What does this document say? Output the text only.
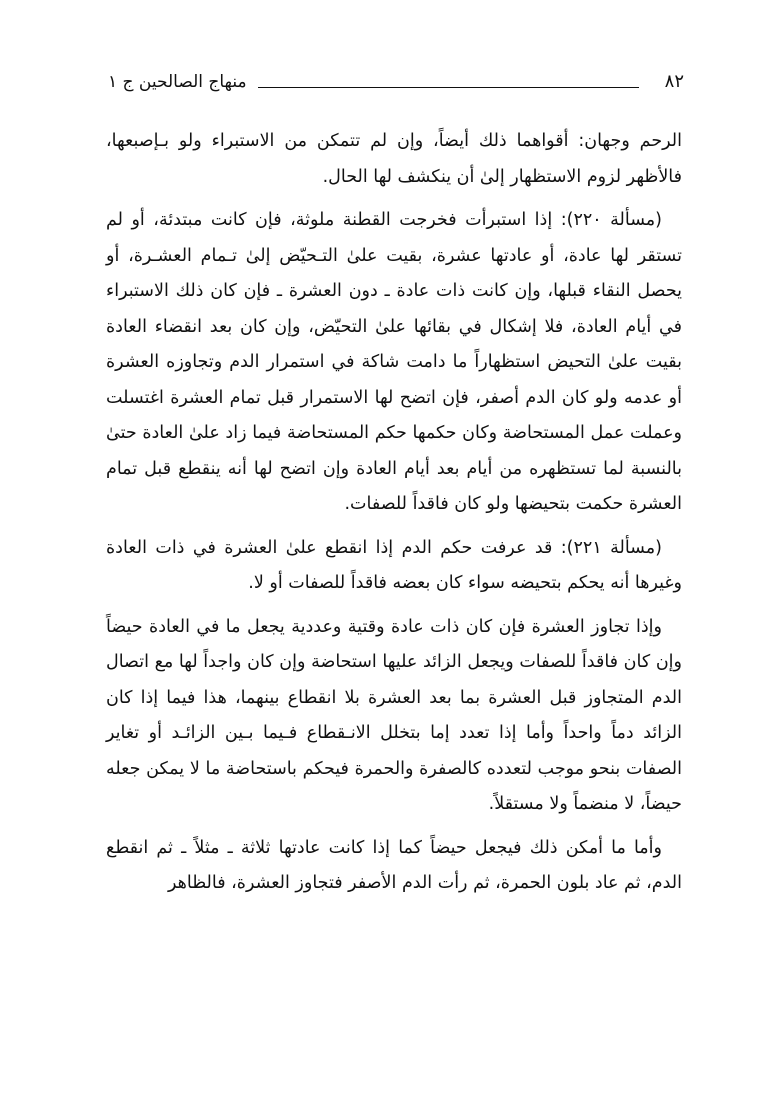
٨٢
منهاج الصالحين ج ١

الرحم وجهان: أقواهما ذلك أيضاً، وإن لم تتمكن من الاستبراء ولو بـإصبعها، فالأظهر لزوم الاستظهار إلىٰ أن ينكشف لها الحال.

(مسألة ٢٢٠): إذا استبرأت فخرجت القطنة ملوثة، فإن كانت مبتدئة، أو لم تستقر لها عادة، أو عادتها عشرة، بقيت علىٰ التـحيّض إلىٰ تـمام العشـرة، أو يحصل النقاء قبلها، وإن كانت ذات عادة ـ دون العشرة ـ فإن كان ذلك الاستبراء في أيام العادة، فلا إشكال في بقائها علىٰ التحيّض، وإن كان بعد انقضاء العادة بقيت علىٰ التحيض استظهاراً ما دامت شاكة في استمرار الدم وتجاوزه العشرة أو عدمه ولو كان الدم أصفر، فإن اتضح لها الاستمرار قبل تمام العشرة اغتسلت وعملت عمل المستحاضة وكان حكمها حكم المستحاضة فيما زاد علىٰ العادة حتىٰ بالنسبة لما تستظهره من أيام بعد أيام العادة وإن اتضح لها أنه ينقطع قبل تمام العشرة حكمت بتحيضها ولو كان فاقداً للصفات.

(مسألة ٢٢١): قد عرفت حكم الدم إذا انقطع علىٰ العشرة في ذات العادة وغيرها أنه يحكم بتحيضه سواء كان بعضه فاقداً للصفات أو لا.

وإذا تجاوز العشرة فإن كان ذات عادة وقتية وعددية يجعل ما في العادة حيضاً وإن كان فاقداً للصفات ويجعل الزائد عليها استحاضة وإن كان واجداً لها مع اتصال الدم المتجاوز قبل العشرة بما بعد العشرة بلا انقطاع بينهما، هذا فيما إذا كان الزائد دماً واحداً وأما إذا تعدد إما بتخلل الانـقطاع فـيما بـين الزائـد أو تغاير الصفات بنحو موجب لتعدده كالصفرة والحمرة فيحكم باستحاضة ما لا يمكن جعله حيضاً، لا منضماً ولا مستقلاً.

وأما ما أمكن ذلك فيجعل حيضاً كما إذا كانت عادتها ثلاثة ـ مثلاً ـ ثم انقطع الدم، ثم عاد بلون الحمرة، ثم رأت الدم الأصفر فتجاوز العشرة، فالظاهر
